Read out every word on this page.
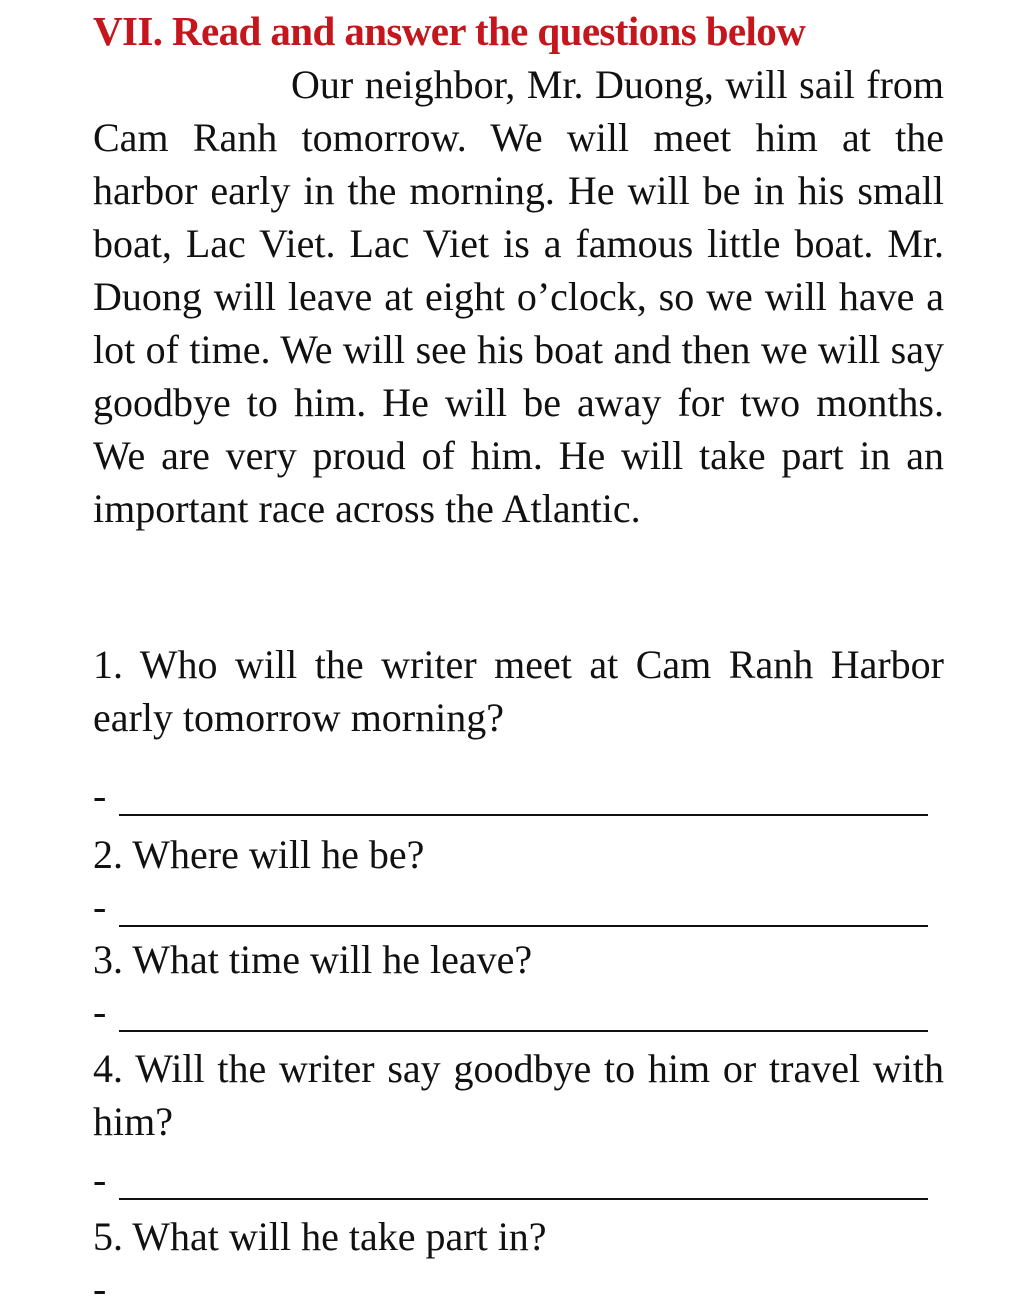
VII. Read and answer the questions below

Our neighbor, Mr. Duong, will sail from Cam Ranh tomorrow. We will meet him at the harbor early in the morning. He will be in his small boat, Lac Viet. Lac Viet is a famous little boat. Mr. Duong will leave at eight o’clock, so we will have a lot of time. We will see his boat and then we will say goodbye to him. He will be away for two months. We are very proud of him. He will take part in an important race across the Atlantic.

1. Who will the writer meet at Cam Ranh Harbor early tomorrow morning?

-

2. Where will he be?

-

3. What time will he leave?

-

4. Will the writer say goodbye to him or travel with him?

-

5. What will he take part in?

-
